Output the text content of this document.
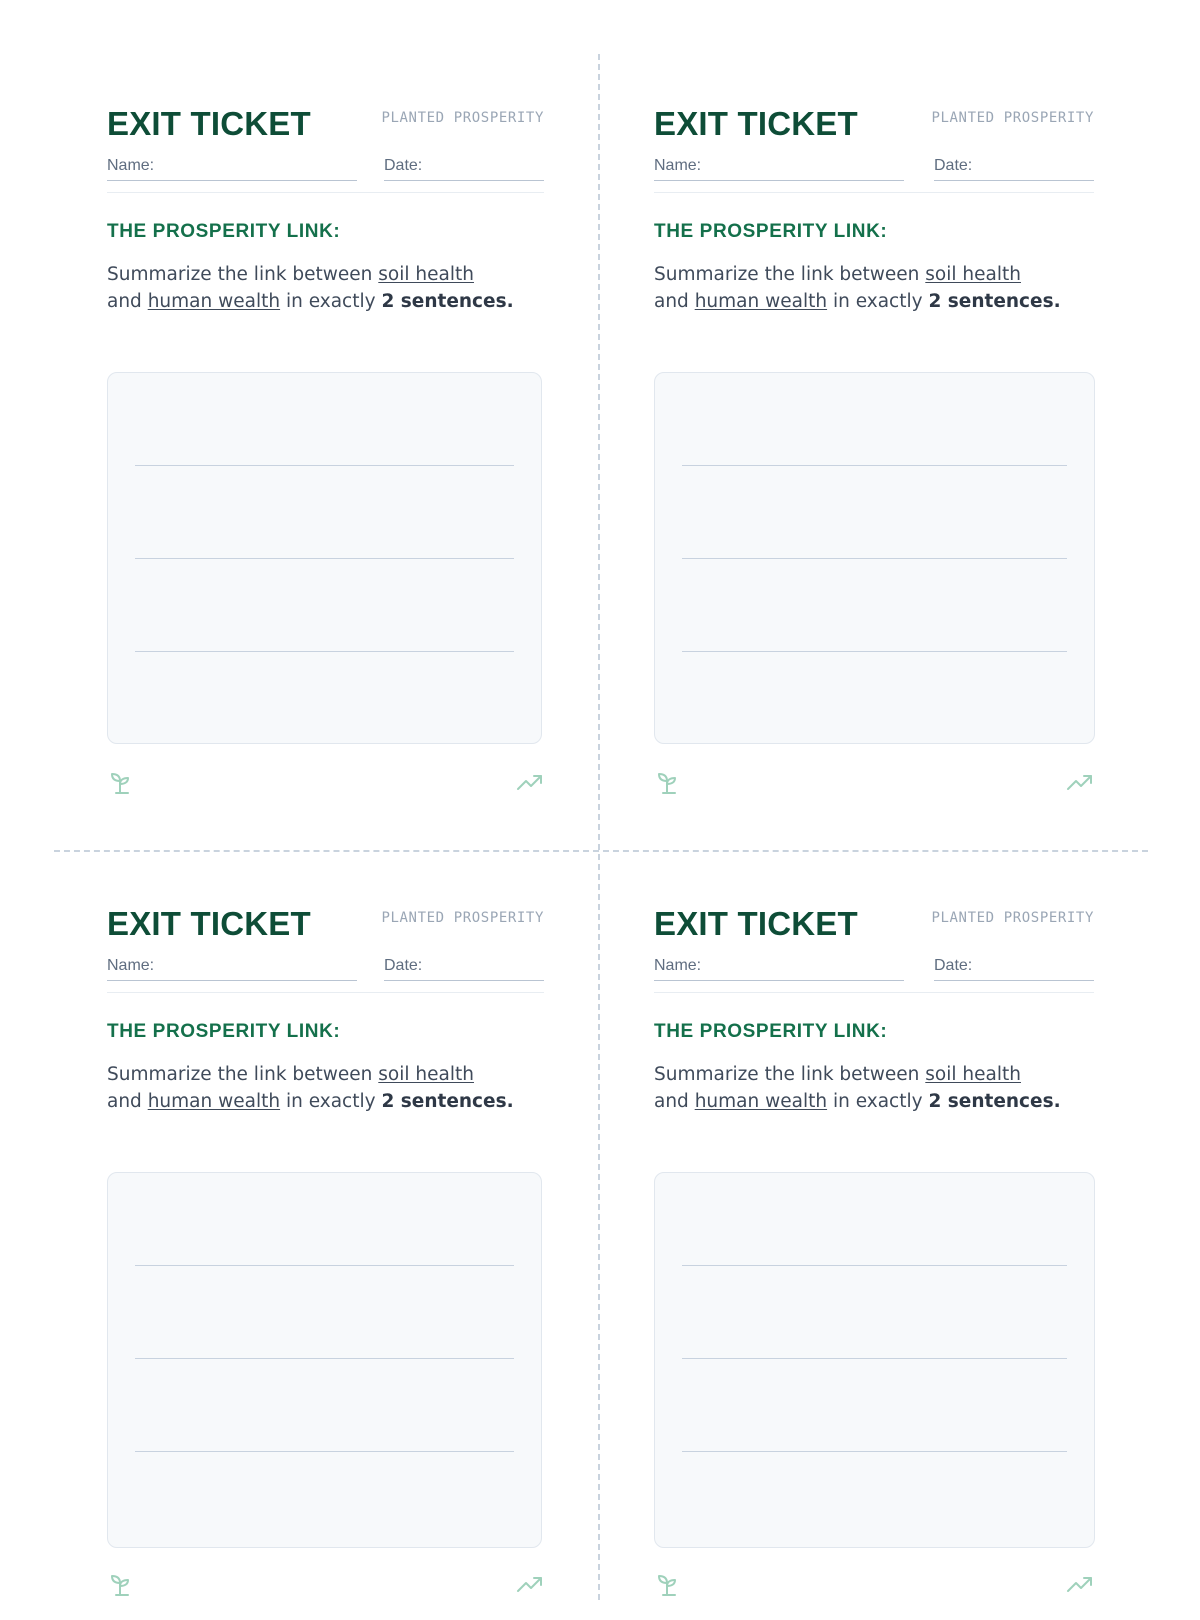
EXIT TICKET	PLANTED PROSPERITY
Name:	Date:
THE PROSPERITY LINK:
Summarize the link between soil health
and human wealth in exactly 2 sentences.
EXIT TICKET	PLANTED PROSPERITY
Name:	Date:
THE PROSPERITY LINK:
Summarize the link between soil health
and human wealth in exactly 2 sentences.
EXIT TICKET	PLANTED PROSPERITY
Name:	Date:
THE PROSPERITY LINK:
Summarize the link between soil health
and human wealth in exactly 2 sentences.
EXIT TICKET	PLANTED PROSPERITY
Name:	Date:
THE PROSPERITY LINK:
Summarize the link between soil health
and human wealth in exactly 2 sentences.
